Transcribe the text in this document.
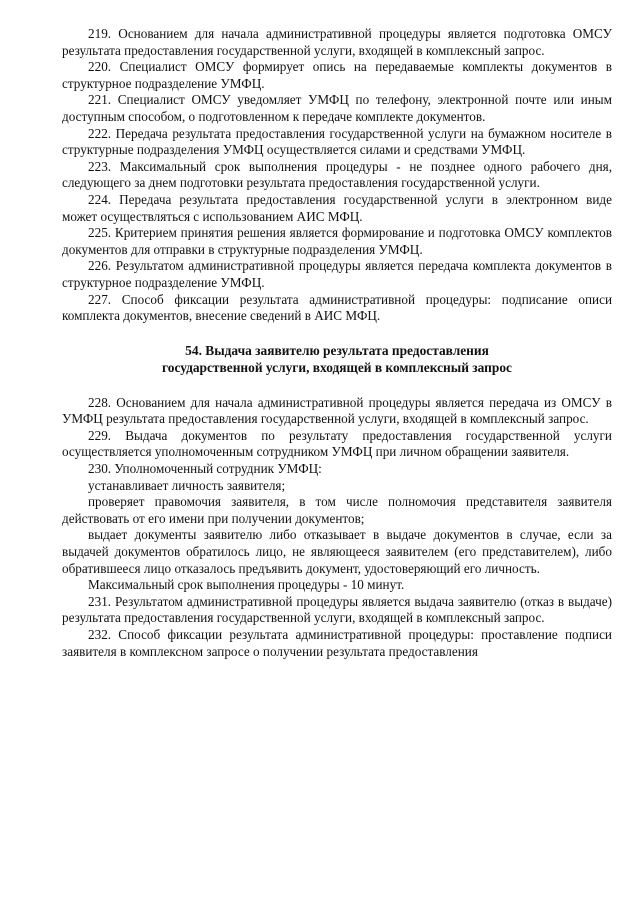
219. Основанием для начала административной процедуры является подготовка ОМСУ результата предоставления государственной услуги, входящей в комплексный запрос.

220. Специалист ОМСУ формирует опись на передаваемые комплекты документов в структурное подразделение УМФЦ.

221. Специалист ОМСУ уведомляет УМФЦ по телефону, электронной почте или иным доступным способом, о подготовленном к передаче комплекте документов.

222. Передача результата предоставления государственной услуги на бумажном носителе в структурные подразделения УМФЦ осуществляется силами и средствами УМФЦ.

223. Максимальный срок выполнения процедуры - не позднее одного рабочего дня, следующего за днем подготовки результата предоставления государственной услуги.

224. Передача результата предоставления государственной услуги в электронном виде может осуществляться с использованием АИС МФЦ.

225. Критерием принятия решения является формирование и подготовка ОМСУ комплектов документов для отправки в структурные подразделения УМФЦ.

226. Результатом административной процедуры является передача комплекта документов в структурное подразделение УМФЦ.

227. Способ фиксации результата административной процедуры: подписание описи комплекта документов, внесение сведений в АИС МФЦ.

54. Выдача заявителю результата предоставления
государственной услуги, входящей в комплексный запрос

228. Основанием для начала административной процедуры является передача из ОМСУ в УМФЦ результата предоставления государственной услуги, входящей в комплексный запрос.

229. Выдача документов по результату предоставления государственной услуги осуществляется уполномоченным сотрудником УМФЦ при личном обращении заявителя.

230. Уполномоченный сотрудник УМФЦ:

устанавливает личность заявителя;

проверяет правомочия заявителя, в том числе полномочия представителя заявителя действовать от его имени при получении документов;

выдает документы заявителю либо отказывает в выдаче документов в случае, если за выдачей документов обратилось лицо, не являющееся заявителем (его представителем), либо обратившееся лицо отказалось предъявить документ, удостоверяющий его личность.

Максимальный срок выполнения процедуры - 10 минут.

231. Результатом административной процедуры является выдача заявителю (отказ в выдаче) результата предоставления государственной услуги, входящей в комплексный запрос.

232. Способ фиксации результата административной процедуры: проставление подписи заявителя в комплексном запросе о получении результата предоставления
